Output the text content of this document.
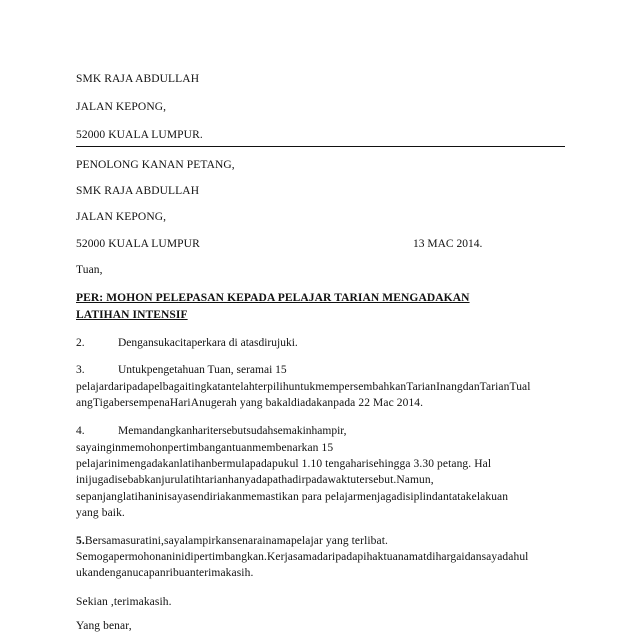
SMK RAJA ABDULLAH
JALAN KEPONG,
52000 KUALA LUMPUR.
PENOLONG KANAN PETANG,
SMK RAJA ABDULLAH
JALAN KEPONG,
52000 KUALA LUMPUR	13 MAC 2014.
Tuan,
PER: MOHON PELEPASAN KEPADA PELAJAR TARIAN MENGADAKAN
LATIHAN INTENSIF
2.	Dengansukacitaperkara di atasdirujuki.
3.	Untukpengetahuan Tuan, seramai 15
pelajardaripadapelbagaitingkatantelahterpilihuntukmempersembahkanTarianInangdanTarianTual
angTigabersempenaHariAnugerah yang bakaldiadakanpada 22 Mac 2014.
4.	Memandangkanharitersebutsudahsemakinhampir,
sayainginmemohonpertimbangantuanmembenarkan 15
pelajarinimengadakanlatihanbermulapadapukul 1.10 tengaharisehingga 3.30 petang. Hal
inijugadisebabkanjurulatihtarianhanyadapathadirpadawaktutersebut.Namun,
sepanjanglatihaninisayasendiriakanmemastikan para pelajarmenjagadisiplindantatakelakuan
yang baik.
5.Bersamasuratini,sayalampirkansenarainamapelajar yang terlibat.
Semogapermohonaninidipertimbangkan.Kerjasamadaripadapihaktuanamatdihargaidansayadahul
ukandenganucapanribuanterimakasih.
Sekian ,terimakasih.
Yang benar,
